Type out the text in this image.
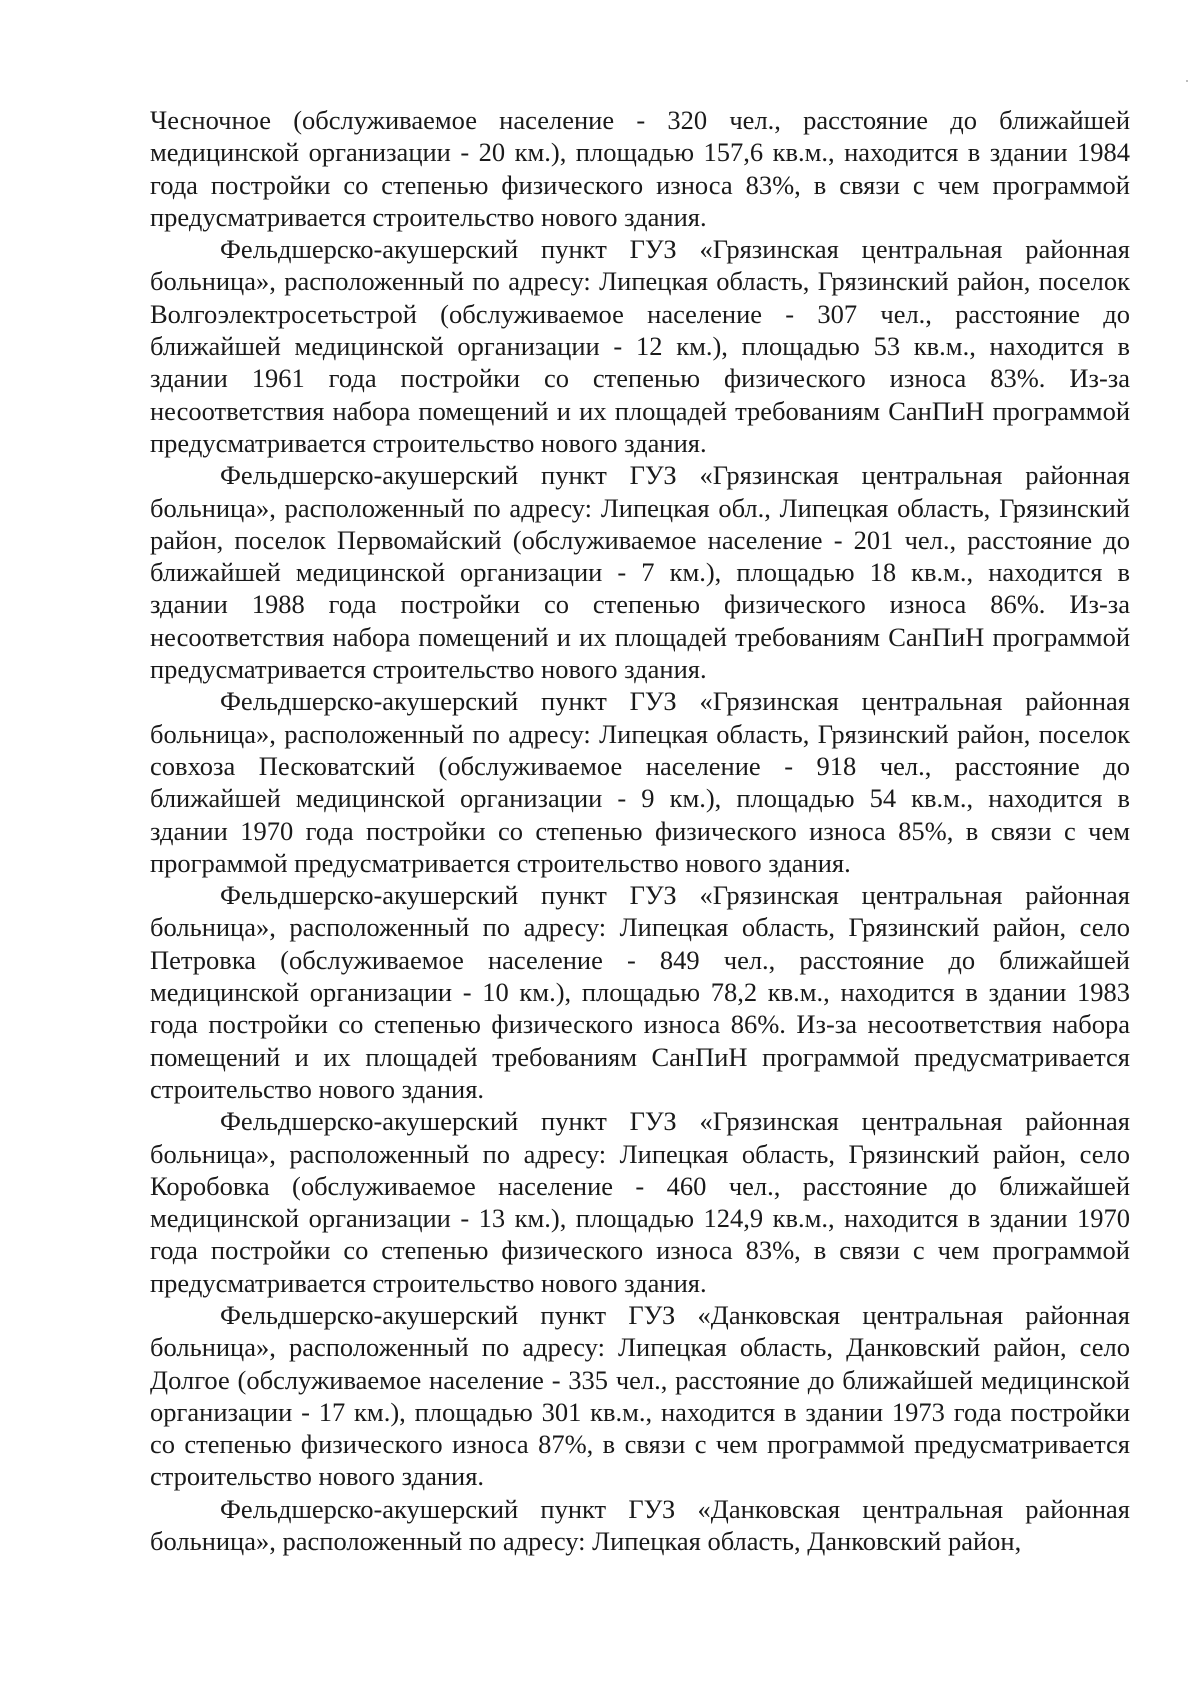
Чесночное (обслуживаемое население - 320 чел., расстояние до ближайшей медицинской организации - 20 км.), площадью 157,6 кв.м., находится в здании 1984 года постройки со степенью физического износа 83%, в связи с чем программой предусматривается строительство нового здания.

Фельдшерско-акушерский пункт ГУЗ «Грязинская центральная районная больница», расположенный по адресу: Липецкая область, Грязинский район, поселок Волгоэлектросетьстрой (обслуживаемое население - 307 чел., расстояние до ближайшей медицинской организации - 12 км.), площадью 53 кв.м., находится в здании 1961 года постройки со степенью физического износа 83%. Из-за несоответствия набора помещений и их площадей требованиям СанПиН программой предусматривается строительство нового здания.

Фельдшерско-акушерский пункт ГУЗ «Грязинская центральная районная больница», расположенный по адресу: Липецкая обл., Липецкая область, Грязинский район, поселок Первомайский (обслуживаемое население - 201 чел., расстояние до ближайшей медицинской организации - 7 км.), площадью 18 кв.м., находится в здании 1988 года постройки со степенью физического износа 86%. Из-за несоответствия набора помещений и их площадей требованиям СанПиН программой предусматривается строительство нового здания.

Фельдшерско-акушерский пункт ГУЗ «Грязинская центральная районная больница», расположенный по адресу: Липецкая область, Грязинский район, поселок совхоза Песковатский (обслуживаемое население - 918 чел., расстояние до ближайшей медицинской организации - 9 км.), площадью 54 кв.м., находится в здании 1970 года постройки со степенью физического износа 85%, в связи с чем программой предусматривается строительство нового здания.

Фельдшерско-акушерский пункт ГУЗ «Грязинская центральная районная больница», расположенный по адресу: Липецкая область, Грязинский район, село Петровка (обслуживаемое население - 849 чел., расстояние до ближайшей медицинской организации - 10 км.), площадью 78,2 кв.м., находится в здании 1983 года постройки со степенью физического износа 86%. Из-за несоответствия набора помещений и их площадей требованиям СанПиН программой предусматривается строительство нового здания.

Фельдшерско-акушерский пункт ГУЗ «Грязинская центральная районная больница», расположенный по адресу: Липецкая область, Грязинский район, село Коробовка (обслуживаемое население - 460 чел., расстояние до ближайшей медицинской организации - 13 км.), площадью 124,9 кв.м., находится в здании 1970 года постройки со степенью физического износа 83%, в связи с чем программой предусматривается строительство нового здания.

Фельдшерско-акушерский пункт ГУЗ «Данковская центральная районная больница», расположенный по адресу: Липецкая область, Данковский район, село Долгое (обслуживаемое население - 335 чел., расстояние до ближайшей медицинской организации - 17 км.), площадью 301 кв.м., находится в здании 1973 года постройки со степенью физического износа 87%, в связи с чем программой предусматривается строительство нового здания.

Фельдшерско-акушерский пункт ГУЗ «Данковская центральная районная больница», расположенный по адресу: Липецкая область, Данковский район,
